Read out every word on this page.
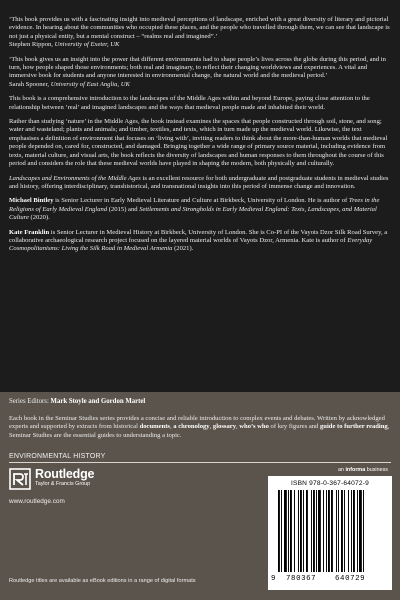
‘This book provides us with a fascinating insight into medieval perceptions of landscape, enriched with a great diversity of literary and pictorial evidence. In hearing about the communities who occupied these places, and the people who travelled through them, we can see that landscape is not just a physical entity, but a mental construct – “realms real and imagined”.’
Stephen Rippon, University of Exeter, UK

‘This book gives us an insight into the power that different environments had to shape people’s lives across the globe during this period, and in turn, how people shaped those environments; both real and imaginary, to reflect their changing worldviews and experiences. A vital and immersive book for students and anyone interested in environmental change, the natural world and the medieval period.’
Sarah Spooner, University of East Anglia, UK

This book is a comprehensive introduction to the landscapes of the Middle Ages within and beyond Europe, paying close attention to the relationship between ‘real’ and imagined landscapes and the ways that medieval people made and inhabited their world.

Rather than studying ‘nature’ in the Middle Ages, the book instead examines the spaces that people constructed through soil, stone, and song; water and wasteland; plants and animals; and timber, textiles, and texts, which in turn made up the medieval world. Likewise, the text emphasises a definition of environment that focuses on ‘living with’, inviting readers to think about the more-than-human worlds that medieval people depended on, cared for, constructed, and damaged. Bringing together a wide range of primary source material, including evidence from texts, material culture, and visual arts, the book reflects the diversity of landscapes and human responses to them throughout the course of this period and considers the role that these medieval worlds have played in shaping the modern, both physically and culturally.

Landscapes and Environments of the Middle Ages is an excellent resource for both undergraduate and postgraduate students in medieval studies and history, offering interdisciplinary, transhistorical, and transnational insights into this period of immense change and innovation.

Michael Bintley is Senior Lecturer in Early Medieval Literature and Culture at Birkbeck, University of London. He is author of Trees in the Religions of Early Medieval England (2015) and Settlements and Strongholds in Early Medieval England: Texts, Landscapes, and Material Culture (2020).

Kate Franklin is Senior Lecturer in Medieval History at Birkbeck, University of London. She is Co-PI of the Vayots Dzor Silk Road Survey, a collaborative archaeological research project focused on the layered material worlds of Vayots Dzor, Armenia. Kate is author of Everyday Cosmopolitanisms: Living the Silk Road in Medieval Armenia (2021).

Series Editors: Mark Stoyle and Gordon Martel
Each book in the Seminar Studies series provides a concise and reliable introduction to complex events and debates. Written by acknowledged experts and supported by extracts from historical documents, a chronology, glossary, who’s who of key figures and guide to further reading, Seminar Studies are the essential guides to understanding a topic.
ENVIRONMENTAL HISTORY
Routledge
Taylor & Francis Group
www.routledge.com
an informa business
ISBN 978-0-367-64072-9
9 780367	640729
Routledge titles are available as eBook editions in a range of digital formats
